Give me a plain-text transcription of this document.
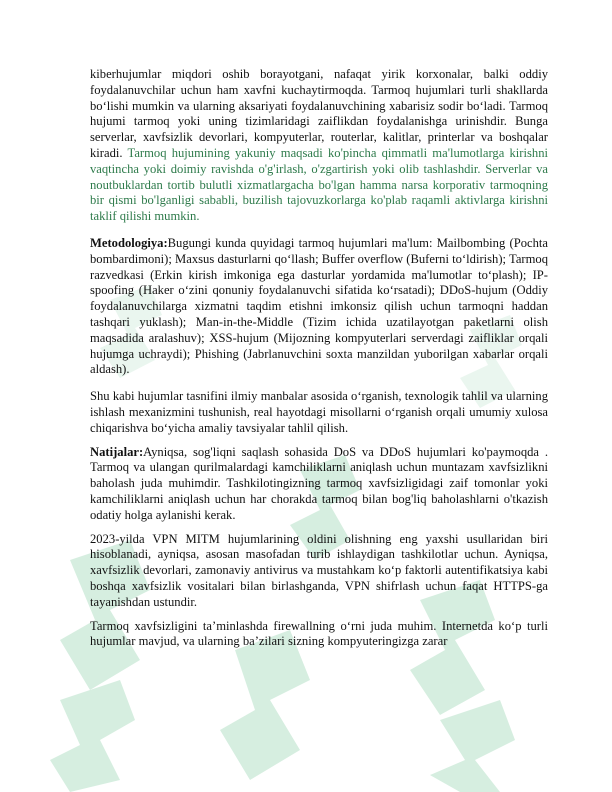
kiberhujumlar miqdori oshib borayotgani, nafaqat yirik korxonalar, balki oddiy foydalanuvchilar uchun ham xavfni kuchaytirmoqda. Tarmoq hujumlari turli shakllarda bo‘lishi mumkin va ularning aksariyati foydalanuvchining xabarisiz sodir bo‘ladi. Tarmoq hujumi tarmoq yoki uning tizimlaridagi zaiflikdan foydalanishga urinishdir. Bunga serverlar, xavfsizlik devorlari, kompyuterlar, routerlar, kalitlar, printerlar va boshqalar kiradi. Tarmoq hujumining yakuniy maqsadi ko'pincha qimmatli ma'lumotlarga kirishni vaqtincha yoki doimiy ravishda o'g'irlash, o'zgartirish yoki olib tashlashdir. Serverlar va noutbuklardan tortib bulutli xizmatlargacha bo'lgan hamma narsa korporativ tarmoqning bir qismi bo'lganligi sababli, buzilish tajovuzkorlarga ko'plab raqamli aktivlarga kirishni taklif qilishi mumkin.

Metodologiya:Bugungi kunda quyidagi tarmoq hujumlari ma'lum: Mailbombing (Pochta bombardimoni); Maxsus dasturlarni qo‘llash; Buffer overflow (Buferni to‘ldirish); Tarmoq razvedkasi (Erkin kirish imkoniga ega dasturlar yordamida ma'lumotlar to‘plash); IP-spoofing (Haker o‘zini qonuniy foydalanuvchi sifatida ko‘rsatadi); DDoS-hujum (Oddiy foydalanuvchilarga xizmatni taqdim etishni imkonsiz qilish uchun tarmoqni haddan tashqari yuklash); Man-in-the-Middle (Tizim ichida uzatilayotgan paketlarni olish maqsadida aralashuv); XSS-hujum (Mijozning kompyuterlari serverdagi zaifliklar orqali hujumga uchraydi); Phishing (Jabrlanuvchini soxta manzildan yuborilgan xabarlar orqali aldash).

Shu kabi hujumlar tasnifini ilmiy manbalar asosida o‘rganish, texnologik tahlil va ularning ishlash mexanizmini tushunish, real hayotdagi misollarni o‘rganish orqali umumiy xulosa chiqarishva bo‘yicha amaliy tavsiyalar tahlil qilish.

Natijalar:Ayniqsa, sog'liqni saqlash sohasida DoS va DDoS hujumlari ko'paymoqda . Tarmoq va ulangan qurilmalardagi kamchiliklarni aniqlash uchun muntazam xavfsizlikni baholash juda muhimdir. Tashkilotingizning tarmoq xavfsizligidagi zaif tomonlar yoki kamchiliklarni aniqlash uchun har chorakda tarmoq bilan bog'liq baholashlarni o'tkazish odatiy holga aylanishi kerak.

2023-yilda VPN MITM hujumlarining oldini olishning eng yaxshi usullaridan biri hisoblanadi, ayniqsa, asosan masofadan turib ishlaydigan tashkilotlar uchun. Ayniqsa, xavfsizlik devorlari, zamonaviy antivirus va mustahkam ko‘p faktorli autentifikatsiya kabi boshqa xavfsizlik vositalari bilan birlashganda, VPN shifrlash uchun faqat HTTPS-ga tayanishdan ustundir.

Tarmoq xavfsizligini ta’minlashda firewallning o‘rni juda muhim. Internetda ko‘p turli hujumlar mavjud, va ularning ba’zilari sizning kompyuteringizga zarar
